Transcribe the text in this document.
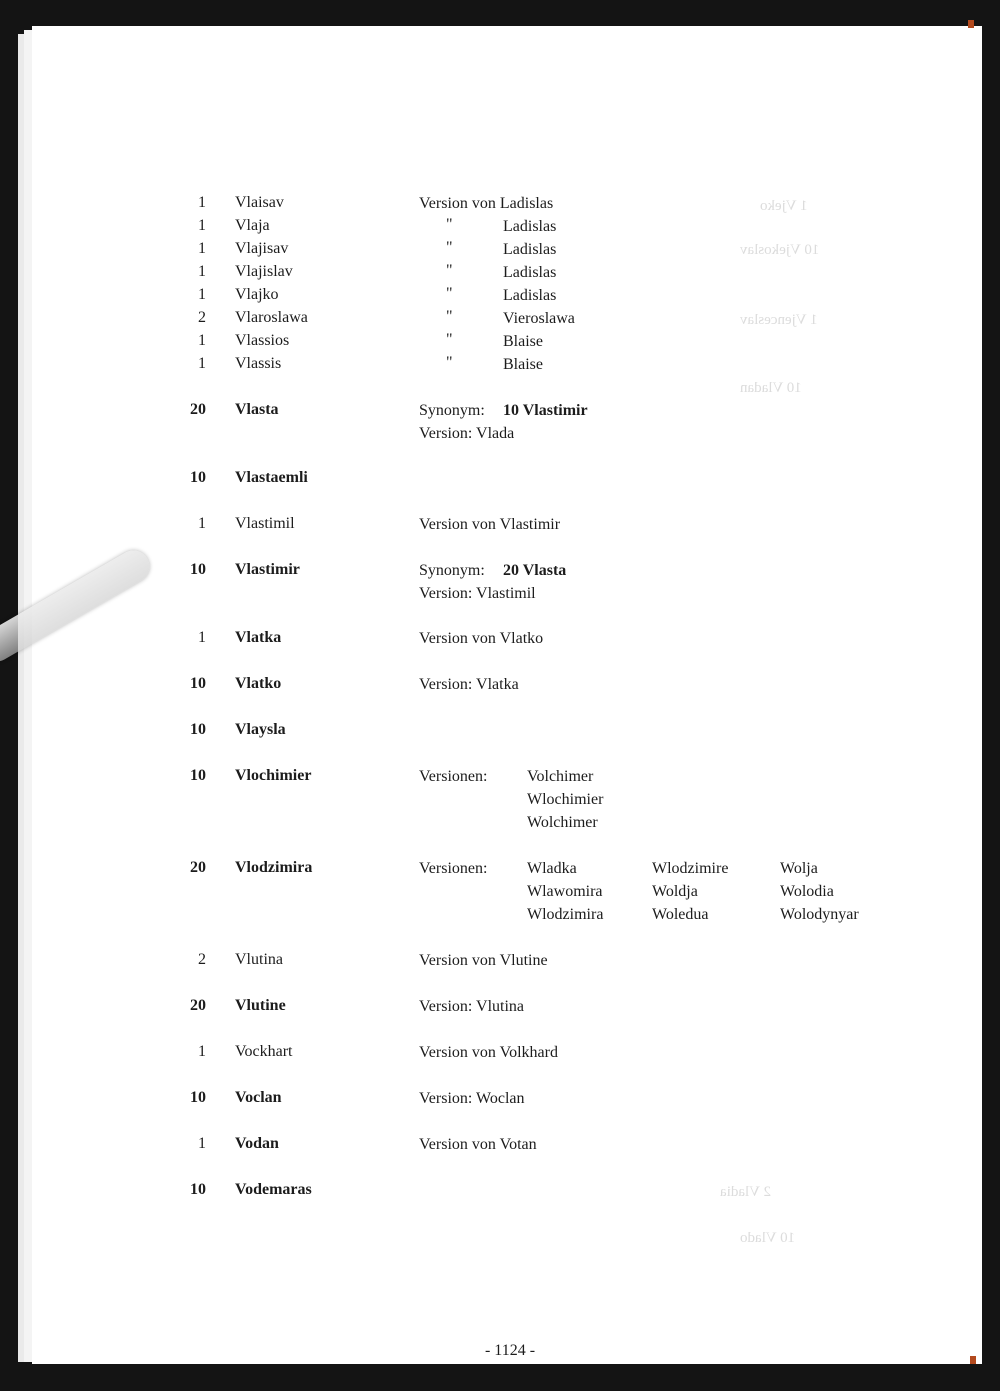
1 Vjeko
10 Vjekoslav
1 Vjenceslav
10 Vladan
2 Vladia
10 Vlado
1 Vlaisav	Version von Ladislas
1 Vlaja	"	Ladislas
1 Vlajisav	"	Ladislas
1 Vlajislav	"	Ladislas
1 Vlajko	"	Ladislas
2 Vlaroslawa	"	Vieroslawa
1 Vlassios	"	Blaise
1 Vlassis	"	Blaise
20 Vlasta	Synonym: 10 Vlastimir
Version: Vlada
10 Vlastaemli
1 Vlastimil	Version von Vlastimir
10 Vlastimir	Synonym: 20 Vlasta
Version: Vlastimil
1 Vlatka	Version von Vlatko
10 Vlatko	Version: Vlatka
10 Vlaysla
10 Vlochimier	Versionen: Volchimer
Wlochimier
Wolchimer
20 Vlodzimira	Versionen: Wladka	Wlodzimire	Wolja
Wlawomira	Woldja	Wolodia
Wlodzimira	Woledua	Wolodynyar
2 Vlutina	Version von Vlutine
20 Vlutine	Version: Vlutina
1 Vockhart	Version von Volkhard
10 Voclan	Version: Woclan
1 Vodan	Version von Votan
10 Vodemaras
- 1124 -
